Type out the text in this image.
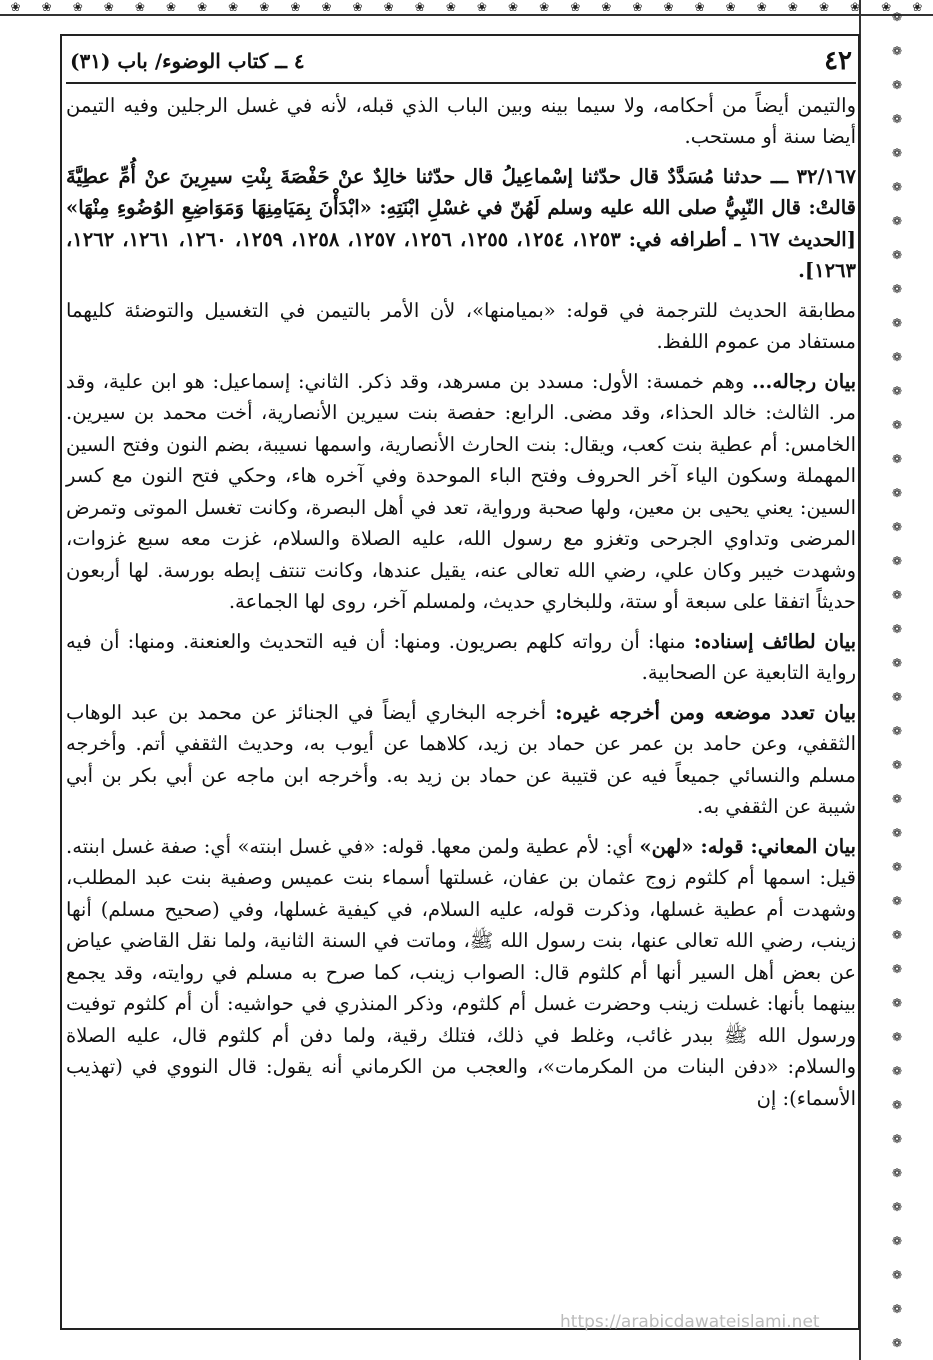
❀ ❀ ❀ ❀ ❀ ❀ ❀ ❀ ❀ ❀ ❀ ❀ ❀ ❀ ❀ ❀ ❀ ❀ ❀ ❀ ❀ ❀ ❀ ❀ ❀ ❀ ❀ ❀ ❀ ❀
❁
❁
❁
❁
❁
❁
❁
❁
❁
❁
❁
❁
❁
❁
❁
❁
❁
❁
❁
❁
❁
❁
❁
❁
❁
❁
❁
❁
❁
❁
❁
❁
❁
❁
❁
❁
❁
❁
❁
❁
٤٢
٤ ــ كتاب الوضوء/ باب (٣١)

والتيمن أيضاً من أحكامه، ولا سيما بينه وبين الباب الذي قبله، لأنه في غسل الرجلين وفيه التيمن أيضا سنة أو مستحب.

٣٢/١٦٧ ـــ حدثنا مُسَدَّدٌ قال حدّثنا إسْماعِيلُ قال حدّثنا خالِدٌ عنْ حَفْصَةَ بِنْتِ سيرِينَ عنْ أُمِّ عطِيَّةَ قالتْ: قال النّبِيُّ صلى الله عليه وسلم لَهُنّ في غسْلِ ابْنَتِهِ: «ابْدَأْنَ بِمَيَامِنِهَا وَمَوَاضِعِ الوُضُوءِ مِنْهَا» [الحديث ١٦٧ ـ أطرافه في: ١٢٥٣، ١٢٥٤، ١٢٥٥، ١٢٥٦، ١٢٥٧، ١٢٥٨، ١٢٥٩، ١٢٦٠، ١٢٦١، ١٢٦٢، ١٢٦٣].

مطابقة الحديث للترجمة في قوله: «بميامنها»، لأن الأمر بالتيمن في التغسيل والتوضئة كليهما مستفاد من عموم اللفظ.

بيان رجاله... وهم خمسة: الأول: مسدد بن مسرهد، وقد ذكر. الثاني: إسماعيل: هو ابن علية، وقد مر. الثالث: خالد الحذاء، وقد مضى. الرابع: حفصة بنت سيرين الأنصارية، أخت محمد بن سيرين. الخامس: أم عطية بنت كعب، ويقال: بنت الحارث الأنصارية، واسمها نسيبة، بضم النون وفتح السين المهملة وسكون الياء آخر الحروف وفتح الباء الموحدة وفي آخره هاء، وحكي فتح النون مع كسر السين: يعني يحيى بن معين، ولها صحبة ورواية، تعد في أهل البصرة، وكانت تغسل الموتى وتمرض المرضى وتداوي الجرحى وتغزو مع رسول الله، عليه الصلاة والسلام، غزت معه سبع غزوات، وشهدت خيبر وكان علي، رضي الله تعالى عنه، يقيل عندها، وكانت تنتف إبطه بورسة. لها أربعون حديثاً اتفقا على سبعة أو ستة، وللبخاري حديث، ولمسلم آخر، روى لها الجماعة.

بيان لطائف إسناده: منها: أن رواته كلهم بصريون. ومنها: أن فيه التحديث والعنعنة. ومنها: أن فيه رواية التابعية عن الصحابية.

بيان تعدد موضعه ومن أخرجه غيره: أخرجه البخاري أيضاً في الجنائز عن محمد بن عبد الوهاب الثقفي، وعن حامد بن عمر عن حماد بن زيد، كلاهما عن أيوب به، وحديث الثقفي أتم. وأخرجه مسلم والنسائي جميعاً فيه عن قتيبة عن حماد بن زيد به. وأخرجه ابن ماجه عن أبي بكر بن أبي شيبة عن الثقفي به.

بيان المعاني: قوله: «لهن» أي: لأم عطية ولمن معها. قوله: «في غسل ابنته» أي: صفة غسل ابنته. قيل: اسمها أم كلثوم زوج عثمان بن عفان، غسلتها أسماء بنت عميس وصفية بنت عبد المطلب، وشهدت أم عطية غسلها، وذكرت قوله، عليه السلام، في كيفية غسلها، وفي (صحيح مسلم) أنها زينب، رضي الله تعالى عنها، بنت رسول الله ﷺ، وماتت في السنة الثانية، ولما نقل القاضي عياض عن بعض أهل السير أنها أم كلثوم قال: الصواب زينب، كما صرح به مسلم في روايته، وقد يجمع بينهما بأنها: غسلت زينب وحضرت غسل أم كلثوم، وذكر المنذري في حواشيه: أن أم كلثوم توفيت ورسول الله ﷺ ببدر غائب، وغلط في ذلك، فتلك رقية، ولما دفن أم كلثوم قال، عليه الصلاة والسلام: «دفن البنات من المكرمات»، والعجب من الكرماني أنه يقول: قال النووي في (تهذيب الأسماء): إن

https://arabicdawateislami.net
